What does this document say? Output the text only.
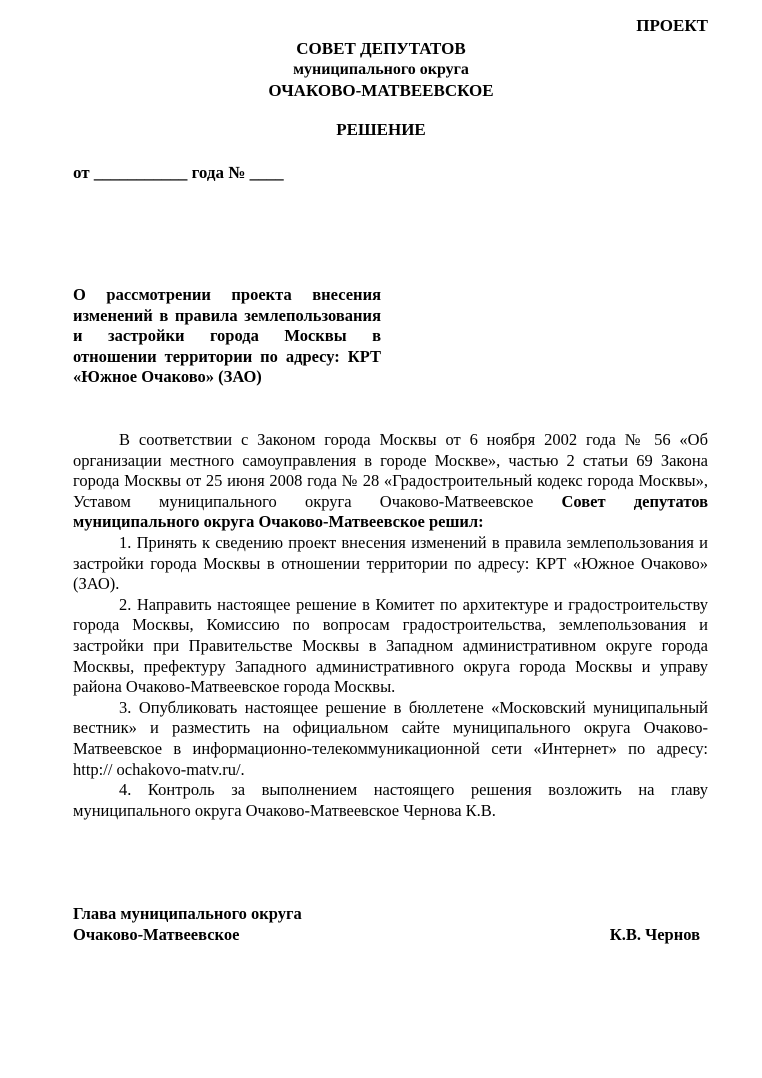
ПРОЕКТ
СОВЕТ ДЕПУТАТОВ
муниципального округа
ОЧАКОВО-МАТВЕЕВСКОЕ
РЕШЕНИЕ
от ___________ года № ____
О рассмотрении проекта внесения изменений в правила землепользования и застройки города Москвы в отношении территории по адресу: КРТ «Южное Очаково» (ЗАО)

В соответствии с Законом города Москвы от 6 ноября 2002 года № 56 «Об организации местного самоуправления в городе Москве», частью 2 статьи 69 Закона города Москвы от 25 июня 2008 года № 28 «Градостроительный кодекс города Москвы», Уставом муниципального округа Очаково-Матвеевское Совет депутатов муниципального округа Очаково-Матвеевское решил:

1. Принять к сведению проект внесения изменений в правила землепользования и застройки города Москвы в отношении территории по адресу: КРТ «Южное Очаково» (ЗАО).

2. Направить настоящее решение в Комитет по архитектуре и градостроительству города Москвы, Комиссию по вопросам градостроительства, землепользования и застройки при Правительстве Москвы в Западном административном округе города Москвы, префектуру Западного административного округа города Москвы и управу района Очаково-Матвеевское города Москвы.

3. Опубликовать настоящее решение в бюллетене «Московский муниципальный вестник» и разместить на официальном сайте муниципального округа Очаково-Матвеевское в информационно-телекоммуникационной сети «Интернет» по адресу: http:// ochakovo-matv.ru/.

4. Контроль за выполнением настоящего решения возложить на главу муниципального округа Очаково-Матвеевское Чернова К.В.

Глава муниципального округа
Очаково-Матвеевское	К.В. Чернов
